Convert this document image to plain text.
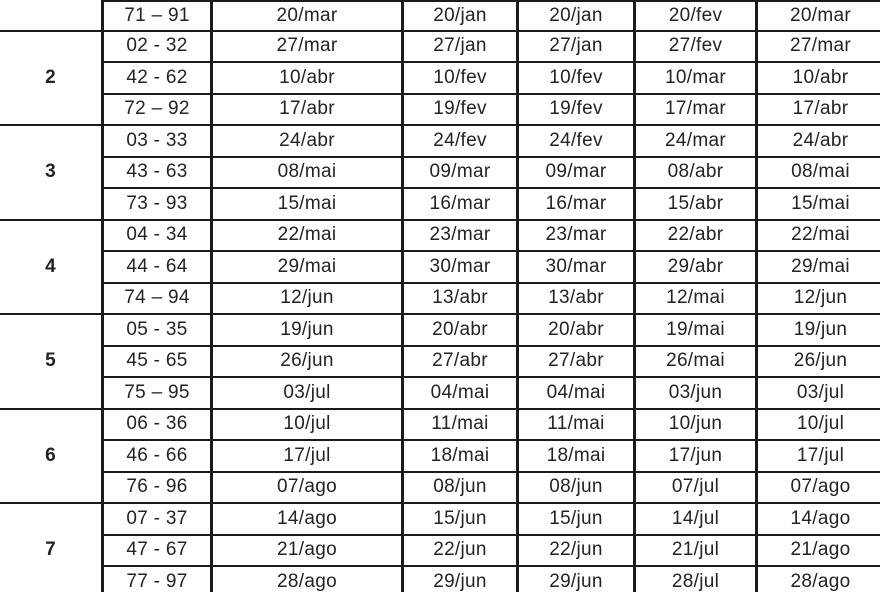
	71 – 91	20/mar	20/jan	20/jan	20/fev	20/mar
2	02 - 32	27/mar	27/jan	27/jan	27/fev	27/mar
	42 - 62	10/abr	10/fev	10/fev	10/mar	10/abr
	72 – 92	17/abr	19/fev	19/fev	17/mar	17/abr
3	03 - 33	24/abr	24/fev	24/fev	24/mar	24/abr
	43 - 63	08/mai	09/mar	09/mar	08/abr	08/mai
	73 - 93	15/mai	16/mar	16/mar	15/abr	15/mai
4	04 - 34	22/mai	23/mar	23/mar	22/abr	22/mai
	44 - 64	29/mai	30/mar	30/mar	29/abr	29/mai
	74 – 94	12/jun	13/abr	13/abr	12/mai	12/jun
5	05 - 35	19/jun	20/abr	20/abr	19/mai	19/jun
	45 - 65	26/jun	27/abr	27/abr	26/mai	26/jun
	75 – 95	03/jul	04/mai	04/mai	03/jun	03/jul
6	06 - 36	10/jul	11/mai	11/mai	10/jun	10/jul
	46 - 66	17/jul	18/mai	18/mai	17/jun	17/jul
	76 - 96	07/ago	08/jun	08/jun	07/jul	07/ago
7	07 - 37	14/ago	15/jun	15/jun	14/jul	14/ago
	47 - 67	21/ago	22/jun	22/jun	21/jul	21/ago
	77 - 97	28/ago	29/jun	29/jun	28/jul	28/ago
